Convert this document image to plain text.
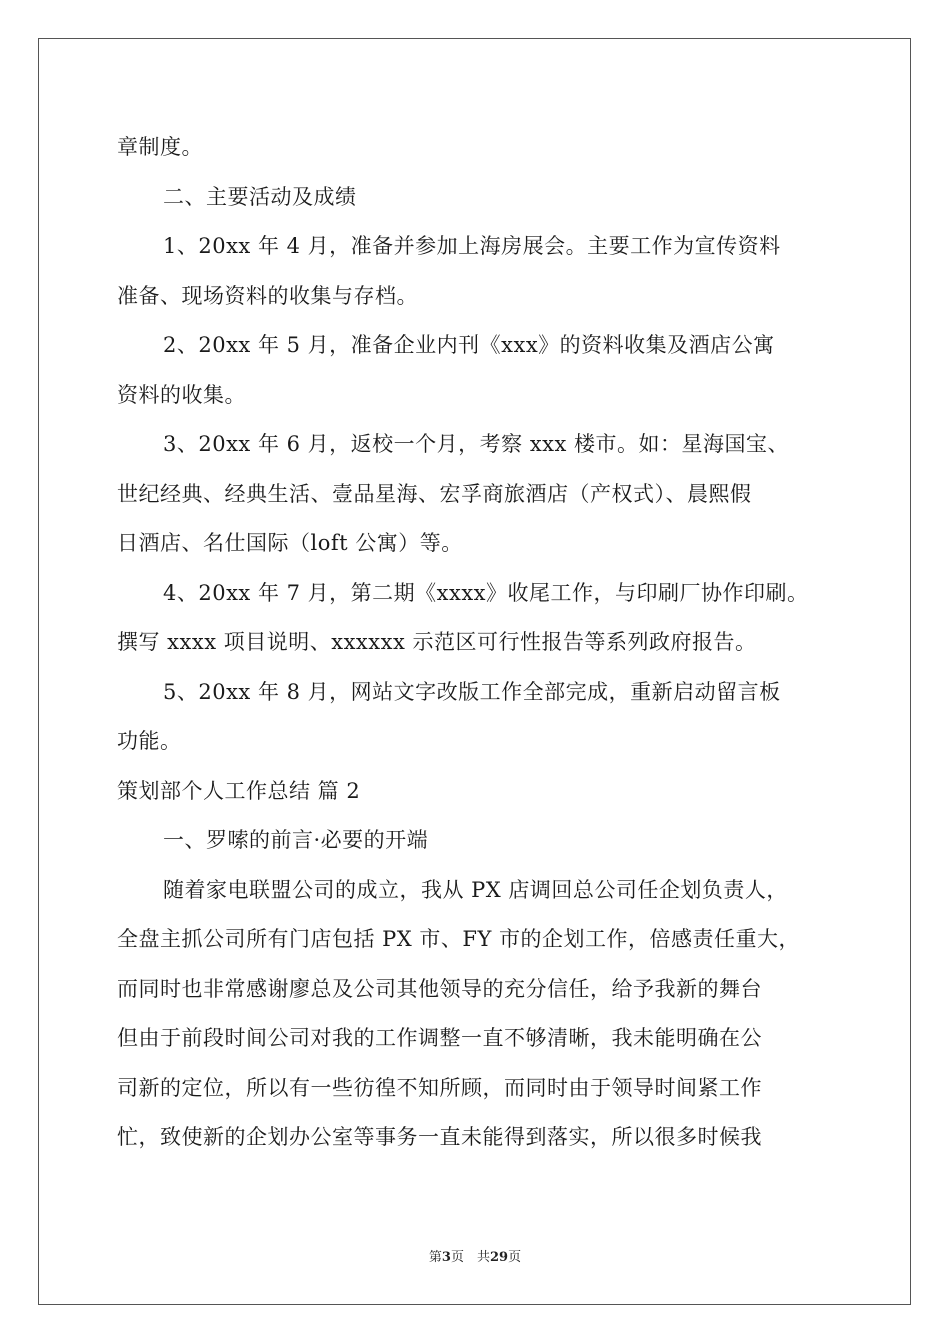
章制度。
二、主要活动及成绩
1、20xx 年 4 月，准备并参加上海房展会。主要工作为宣传资料
准备、现场资料的收集与存档。
2、20xx 年 5 月，准备企业内刊《xxx》的资料收集及酒店公寓
资料的收集。
3、20xx 年 6 月，返校一个月，考察 xxx 楼市。如：星海国宝、
世纪经典、经典生活、壹品星海、宏孚商旅酒店（产权式）、晨熙假
日酒店、名仕国际（loft 公寓）等。
4、20xx 年 7 月，第二期《xxxx》收尾工作，与印刷厂协作印刷。
撰写 xxxx 项目说明、xxxxxx 示范区可行性报告等系列政府报告。
5、20xx 年 8 月，网站文字改版工作全部完成，重新启动留言板
功能。
策划部个人工作总结 篇 2
一、罗嗦的前言·必要的开端
随着家电联盟公司的成立，我从 PX 店调回总公司任企划负责人，
全盘主抓公司所有门店包括 PX 市、FY 市的企划工作，倍感责任重大，
而同时也非常感谢廖总及公司其他领导的充分信任，给予我新的舞台
但由于前段时间公司对我的工作调整一直不够清晰，我未能明确在公
司新的定位，所以有一些彷徨不知所顾，而同时由于领导时间紧工作
忙，致使新的企划办公室等事务一直未能得到落实，所以很多时候我
第3页　共29页
